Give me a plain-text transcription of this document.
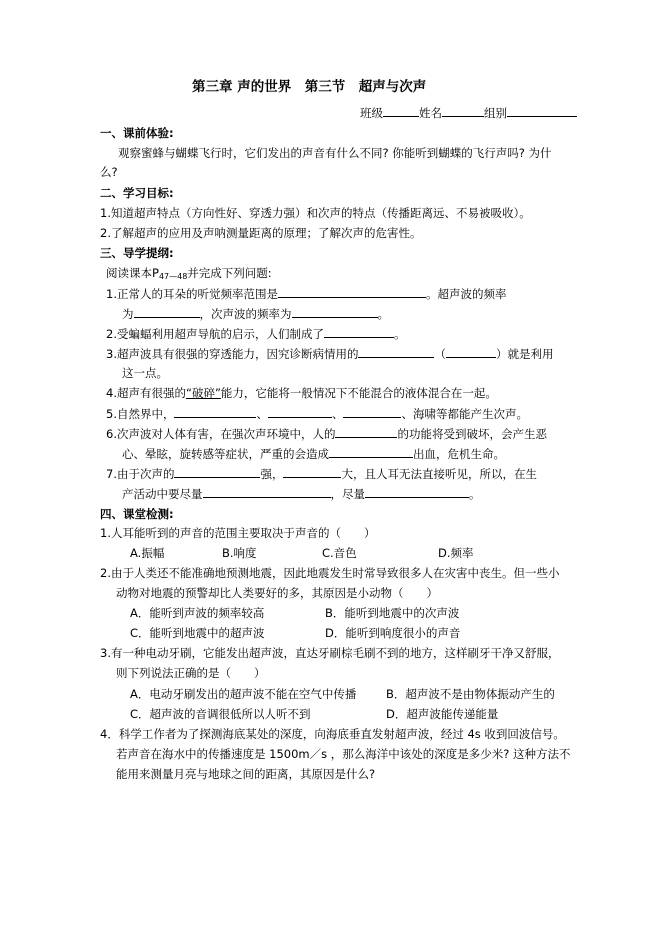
第三章 声的世界　第三节　超声与次声
班级	姓名	组别
一、课前体验:
观察蜜蜂与蝴蝶飞行时，它们发出的声音有什么不同? 你能听到蝴蝶的飞行声吗? 为什
么?
二、学习目标:
1.知道超声特点（方向性好、穿透力强）和次声的特点（传播距离远、不易被吸收）。
2.了解超声的应用及声呐测量距离的原理；了解次声的危害性。
三、导学提纲:
阅读课本$P_{47—48}$并完成下列问题:
1.正常人的耳朵的听觉频率范围是	。超声波的频率
为	，次声波的频率为	。
2.受蝙蝠利用超声导航的启示，人们制成了	。
3.超声波具有很强的穿透能力，因究诊断病情用的	（	）就是利用
这一点。
4.超声有很强的“破碎”能力，它能将一般情况下不能混合的液体混合在一起。
5.自然界中，	、	、	、海啸等都能产生次声。
6.次声波对人体有害，在强次声环境中，人的	的功能将受到破坏，会产生恶
心、晕眩，旋转感等症状，严重的会造成	出血，危机生命。
7.由于次声的	强，	大，且人耳无法直接听见，所以，在生
产活动中要尽量	，尽量	。
四、课堂检测:
1.人耳能听到的声音的范围主要取决于声音的（　　）
A.振幅	B.响度	C.音色	D.频率
2.由于人类还不能准确地预测地震，因此地震发生时常导致很多人在灾害中丧生。但一些小
动物对地震的预警却比人类要好的多，其原因是小动物（　　）
A．能听到声波的频率较高	B．能听到地震中的次声波
C．能听到地震中的超声波	D．能听到响度很小的声音
3.有一种电动牙刷，它能发出超声波，直达牙刷棕毛刷不到的地方，这样刷牙干净又舒服，
则下列说法正确的是（　　）
A．电动牙刷发出的超声波不能在空气中传播	B．超声波不是由物体振动产生的
C．超声波的音调很低所以人听不到	D．超声波能传递能量
4．科学工作者为了探测海底某处的深度，向海底垂直发射超声波，经过 4s 收到回波信号。
若声音在海水中的传播速度是 1500m／s ，那么海洋中该处的深度是多少米? 这种方法不
能用来测量月亮与地球之间的距离，其原因是什么?
